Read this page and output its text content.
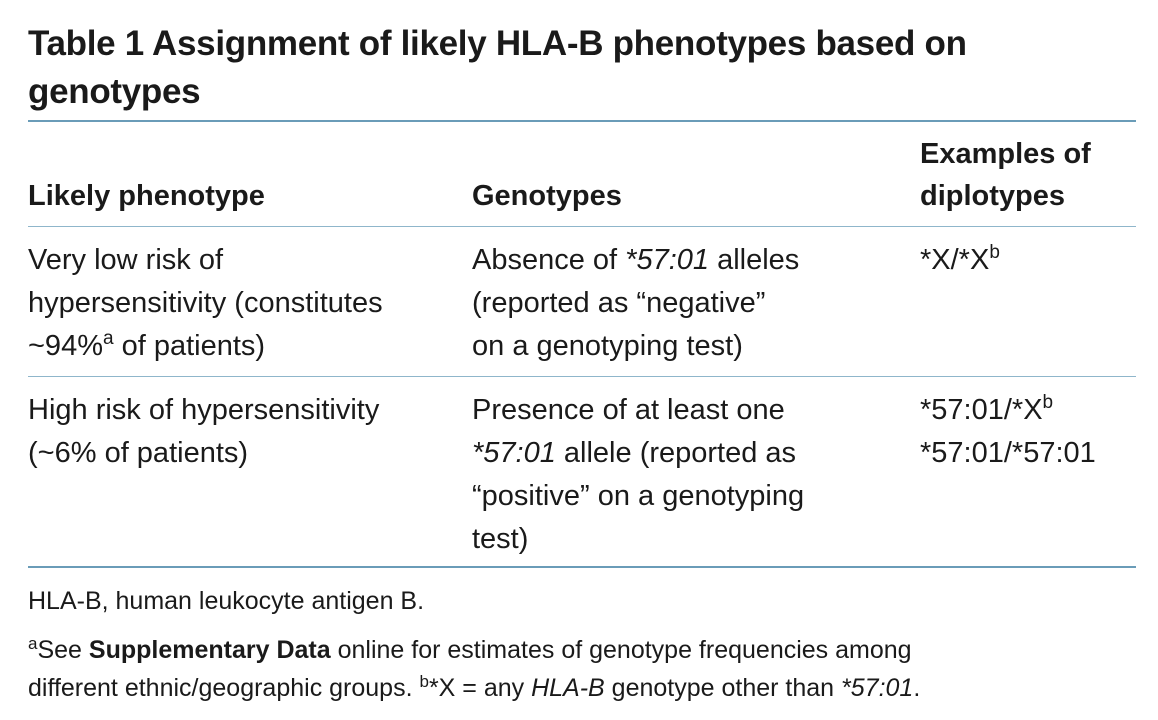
Table 1 Assignment of likely HLA-B phenotypes based on
genotypes
Likely phenotype	Genotypes
Examples of
diplotypes
Very low risk of
hypersensitivity (constitutes
~94%$^a$ of patients)
Absence of *57:01 alleles
(reported as “negative”
on a genotyping test)
$*X/*X^b$
High risk of hypersensitivity
(~6% of patients)
Presence of at least one
*57:01 allele (reported as
“positive” on a genotyping
test)
$*57:01/*X^b$
*57:01/*57:01
HLA-B, human leukocyte antigen B.
$^a$See Supplementary Data online for estimates of genotype frequencies among
different ethnic/geographic groups. $^b$*X = any HLA-B genotype other than *57:01.
